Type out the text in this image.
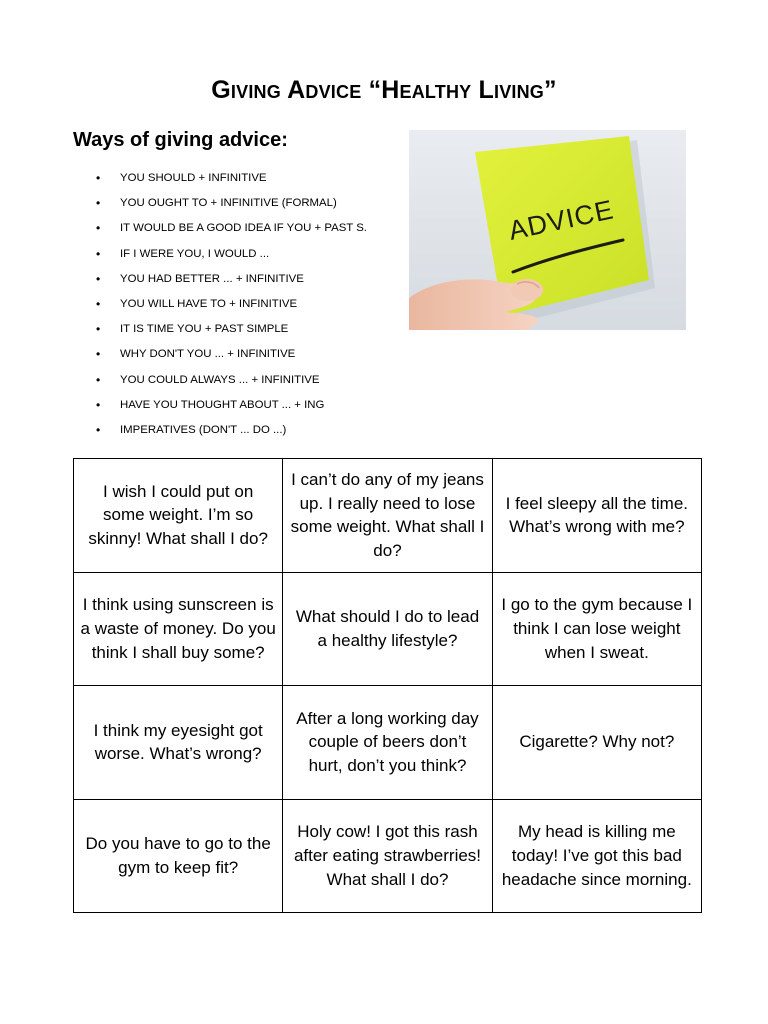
Giving Advice “Healthy Living”
Ways of giving advice:
• YOU SHOULD + INFINITIVE
• YOU OUGHT TO + INFINITIVE (FORMAL)
• IT WOULD BE A GOOD IDEA IF YOU + PAST S.
• IF I WERE YOU, I WOULD ...
• YOU HAD BETTER ... + INFINITIVE
• YOU WILL HAVE TO + INFINITIVE
• IT IS TIME YOU + PAST SIMPLE
• WHY DON'T YOU ... + INFINITIVE
• YOU COULD ALWAYS ... + INFINITIVE
• HAVE YOU THOUGHT ABOUT ... + ING
• IMPERATIVES (DON'T ... DO ...)
ADVICE
I wish I could put on some weight. I’m so skinny! What shall I do?	I can’t do any of my jeans up. I really need to lose some weight. What shall I do?	I feel sleepy all the time. What’s wrong with me?
I think using sunscreen is a waste of money. Do you think I shall buy some?	What should I do to lead a healthy lifestyle?	I go to the gym because I think I can lose weight when I sweat.
I think my eyesight got worse. What’s wrong?	After a long working day couple of beers don’t hurt, don’t you think?	Cigarette? Why not?
Do you have to go to the gym to keep fit?	Holy cow! I got this rash after eating strawberries! What shall I do?	My head is killing me today! I’ve got this bad headache since morning.
